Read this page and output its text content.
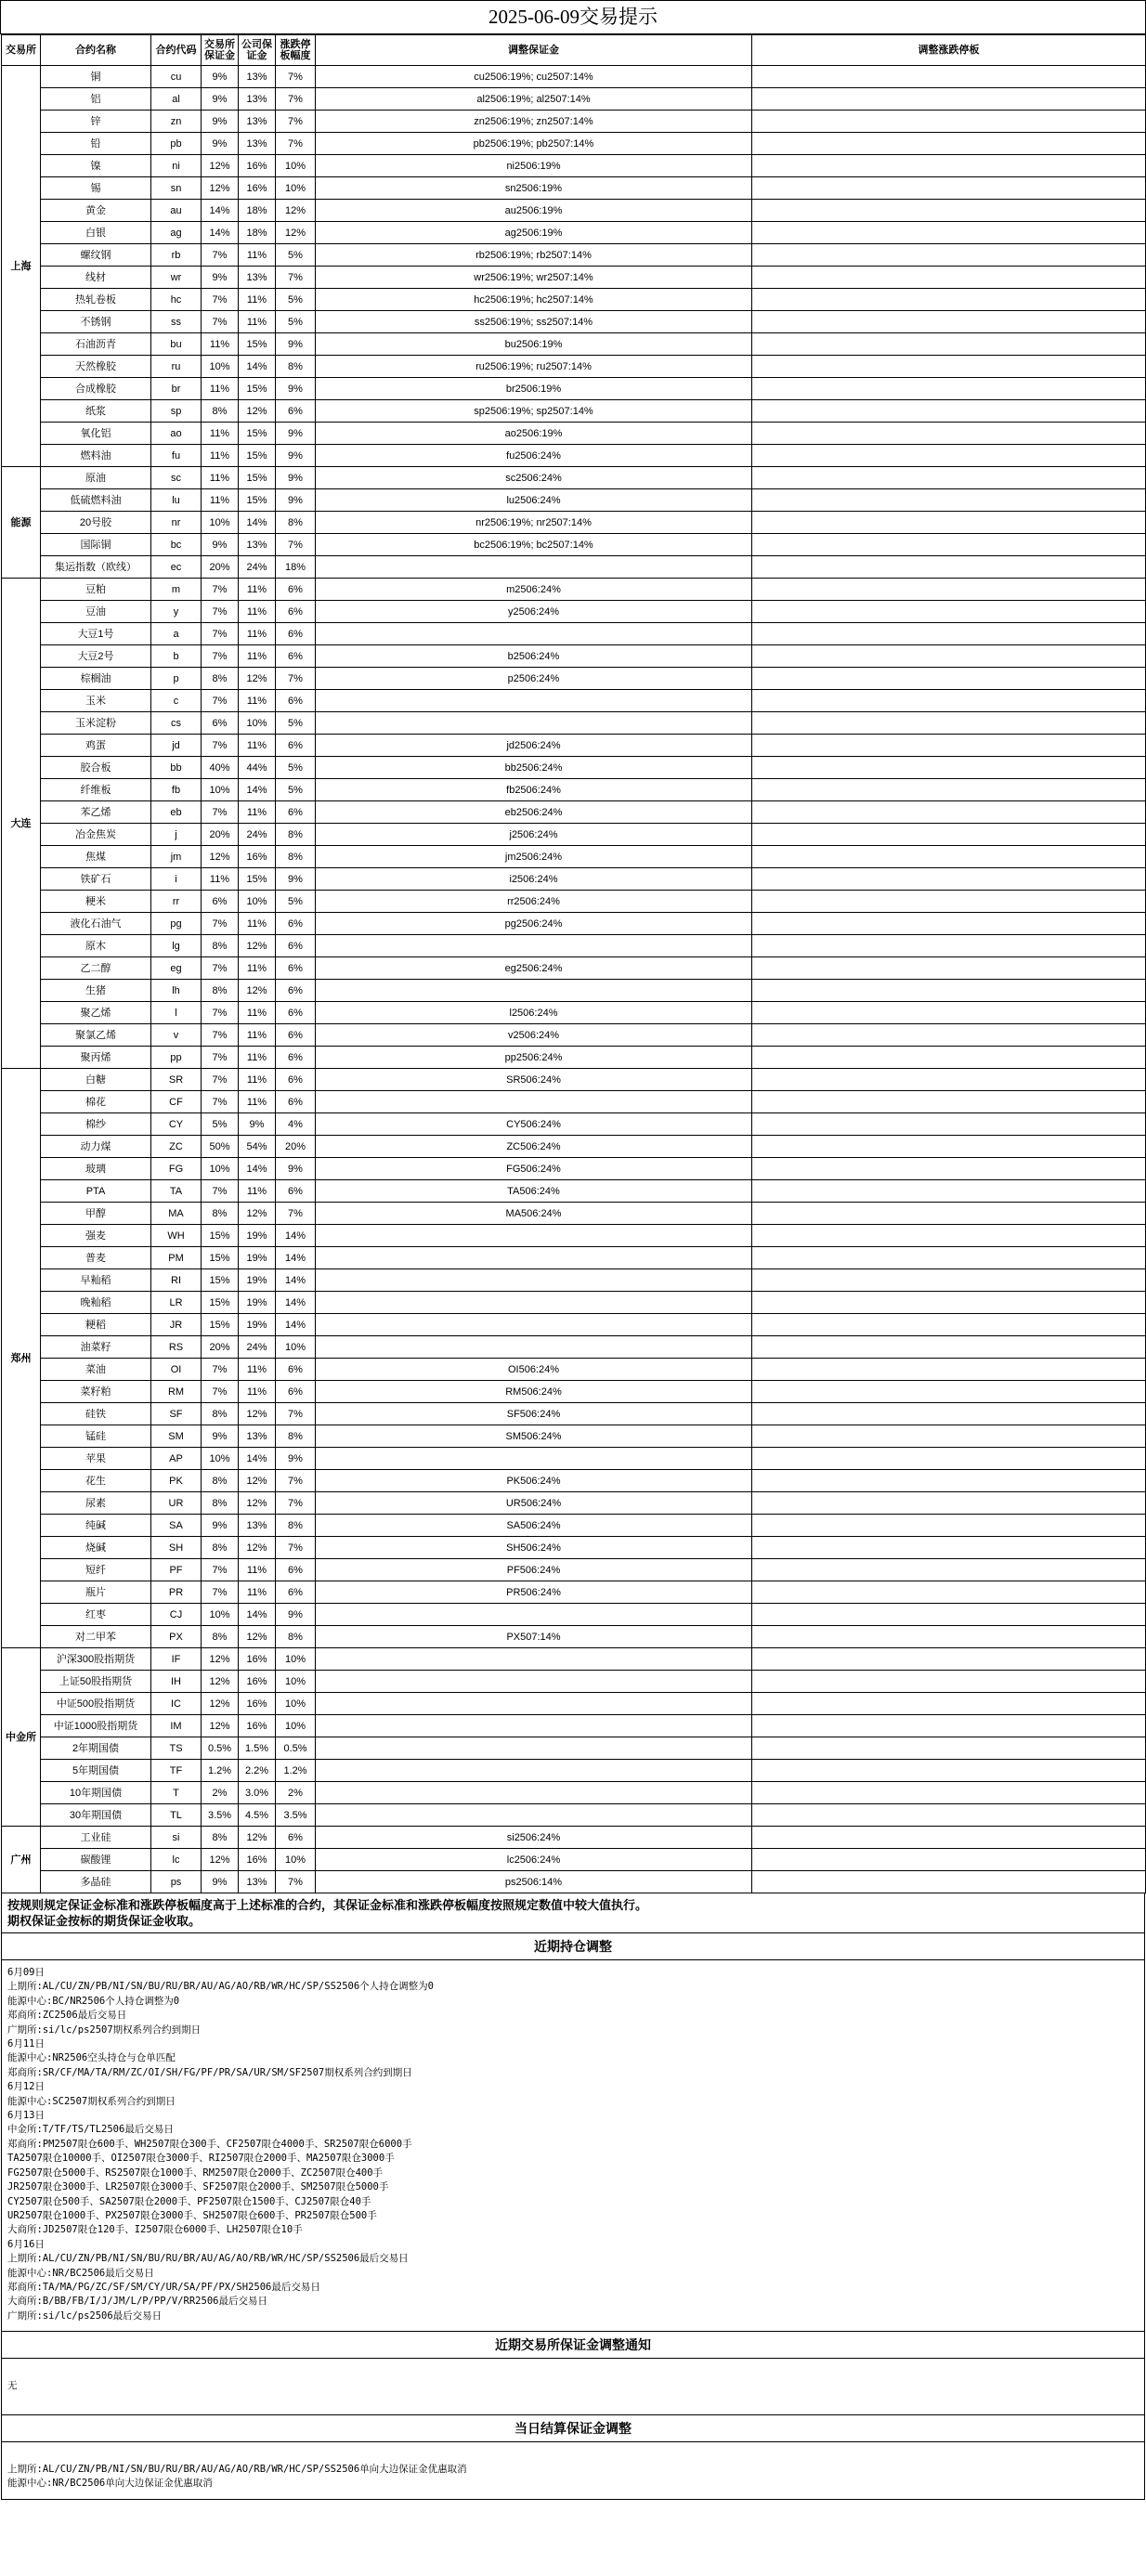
2025-06-09交易提示
交易所	合约名称	合约代码	交易所保证金	公司保证金	涨跌停板幅度	调整保证金	调整涨跌停板
上海	铜	cu	9%	13%	7%	cu2506:19%; cu2507:14%	
	铝	al	9%	13%	7%	al2506:19%; al2507:14%	
	锌	zn	9%	13%	7%	zn2506:19%; zn2507:14%	
	铅	pb	9%	13%	7%	pb2506:19%; pb2507:14%	
	镍	ni	12%	16%	10%	ni2506:19%	
	锡	sn	12%	16%	10%	sn2506:19%	
	黄金	au	14%	18%	12%	au2506:19%	
	白银	ag	14%	18%	12%	ag2506:19%	
	螺纹钢	rb	7%	11%	5%	rb2506:19%; rb2507:14%	
	线材	wr	9%	13%	7%	wr2506:19%; wr2507:14%	
	热轧卷板	hc	7%	11%	5%	hc2506:19%; hc2507:14%	
	不锈钢	ss	7%	11%	5%	ss2506:19%; ss2507:14%	
	石油沥青	bu	11%	15%	9%	bu2506:19%	
	天然橡胶	ru	10%	14%	8%	ru2506:19%; ru2507:14%	
	合成橡胶	br	11%	15%	9%	br2506:19%	
	纸浆	sp	8%	12%	6%	sp2506:19%; sp2507:14%	
	氧化铝	ao	11%	15%	9%	ao2506:19%	
	燃料油	fu	11%	15%	9%	fu2506:24%	
能源	原油	sc	11%	15%	9%	sc2506:24%	
	低硫燃料油	lu	11%	15%	9%	lu2506:24%	
	20号胶	nr	10%	14%	8%	nr2506:19%; nr2507:14%	
	国际铜	bc	9%	13%	7%	bc2506:19%; bc2507:14%	
	集运指数（欧线）	ec	20%	24%	18%		
大连	豆粕	m	7%	11%	6%	m2506:24%	
	豆油	y	7%	11%	6%	y2506:24%	
	大豆1号	a	7%	11%	6%		
	大豆2号	b	7%	11%	6%	b2506:24%	
	棕榈油	p	8%	12%	7%	p2506:24%	
	玉米	c	7%	11%	6%		
	玉米淀粉	cs	6%	10%	5%		
	鸡蛋	jd	7%	11%	6%	jd2506:24%	
	胶合板	bb	40%	44%	5%	bb2506:24%	
	纤维板	fb	10%	14%	5%	fb2506:24%	
	苯乙烯	eb	7%	11%	6%	eb2506:24%	
	冶金焦炭	j	20%	24%	8%	j2506:24%	
	焦煤	jm	12%	16%	8%	jm2506:24%	
	铁矿石	i	11%	15%	9%	i2506:24%	
	粳米	rr	6%	10%	5%	rr2506:24%	
	液化石油气	pg	7%	11%	6%	pg2506:24%	
	原木	lg	8%	12%	6%		
	乙二醇	eg	7%	11%	6%	eg2506:24%	
	生猪	lh	8%	12%	6%		
	聚乙烯	l	7%	11%	6%	l2506:24%	
	聚氯乙烯	v	7%	11%	6%	v2506:24%	
	聚丙烯	pp	7%	11%	6%	pp2506:24%	
郑州	白糖	SR	7%	11%	6%	SR506:24%	
	棉花	CF	7%	11%	6%		
	棉纱	CY	5%	9%	4%	CY506:24%	
	动力煤	ZC	50%	54%	20%	ZC506:24%	
	玻璃	FG	10%	14%	9%	FG506:24%	
	PTA	TA	7%	11%	6%	TA506:24%	
	甲醇	MA	8%	12%	7%	MA506:24%	
	强麦	WH	15%	19%	14%		
	普麦	PM	15%	19%	14%		
	早籼稻	RI	15%	19%	14%		
	晚籼稻	LR	15%	19%	14%		
	粳稻	JR	15%	19%	14%		
	油菜籽	RS	20%	24%	10%		
	菜油	OI	7%	11%	6%	OI506:24%	
	菜籽粕	RM	7%	11%	6%	RM506:24%	
	硅铁	SF	8%	12%	7%	SF506:24%	
	锰硅	SM	9%	13%	8%	SM506:24%	
	苹果	AP	10%	14%	9%		
	花生	PK	8%	12%	7%	PK506:24%	
	尿素	UR	8%	12%	7%	UR506:24%	
	纯碱	SA	9%	13%	8%	SA506:24%	
	烧碱	SH	8%	12%	7%	SH506:24%	
	短纤	PF	7%	11%	6%	PF506:24%	
	瓶片	PR	7%	11%	6%	PR506:24%	
	红枣	CJ	10%	14%	9%		
	对二甲苯	PX	8%	12%	8%	PX507:14%	
中金所	沪深300股指期货	IF	12%	16%	10%		
	上证50股指期货	IH	12%	16%	10%		
	中证500股指期货	IC	12%	16%	10%		
	中证1000股指期货	IM	12%	16%	10%		
	2年期国债	TS	0.5%	1.5%	0.5%		
	5年期国债	TF	1.2%	2.2%	1.2%		
	10年期国债	T	2%	3.0%	2%		
	30年期国债	TL	3.5%	4.5%	3.5%		
广州	工业硅	si	8%	12%	6%	si2506:24%	
	碳酸锂	lc	12%	16%	10%	lc2506:24%	
	多晶硅	ps	9%	13%	7%	ps2506:14%	
按规则规定保证金标准和涨跌停板幅度高于上述标准的合约，其保证金标准和涨跌停板幅度按照规定数值中较大值执行。
期权保证金按标的期货保证金收取。
近期持仓调整
6月09日
上期所:AL/CU/ZN/PB/NI/SN/BU/RU/BR/AU/AG/AO/RB/WR/HC/SP/SS2506个人持仓调整为0
能源中心:BC/NR2506个人持仓调整为0
郑商所:ZC2506最后交易日
广期所:si/lc/ps2507期权系列合约到期日
6月11日
能源中心:NR2506空头持仓与仓单匹配
郑商所:SR/CF/MA/TA/RM/ZC/OI/SH/FG/PF/PR/SA/UR/SM/SF2507期权系列合约到期日
6月12日
能源中心:SC2507期权系列合约到期日
6月13日
中金所:T/TF/TS/TL2506最后交易日
郑商所:PM2507限仓600手、WH2507限仓300手、CF2507限仓4000手、SR2507限仓6000手
TA2507限仓10000手、OI2507限仓3000手、RI2507限仓2000手、MA2507限仓3000手
FG2507限仓5000手、RS2507限仓1000手、RM2507限仓2000手、ZC2507限仓400手
JR2507限仓3000手、LR2507限仓3000手、SF2507限仓2000手、SM2507限仓5000手
CY2507限仓500手、SA2507限仓2000手、PF2507限仓1500手、CJ2507限仓40手
UR2507限仓1000手、PX2507限仓3000手、SH2507限仓600手、PR2507限仓500手
大商所:JD2507限仓120手、I2507限仓6000手、LH2507限仓10手
6月16日
上期所:AL/CU/ZN/PB/NI/SN/BU/RU/BR/AU/AG/AO/RB/WR/HC/SP/SS2506最后交易日
能源中心:NR/BC2506最后交易日
郑商所:TA/MA/PG/ZC/SF/SM/CY/UR/SA/PF/PX/SH2506最后交易日
大商所:B/BB/FB/I/J/JM/L/P/PP/V/RR2506最后交易日
广期所:si/lc/ps2506最后交易日
近期交易所保证金调整通知

无

当日结算保证金调整

上期所:AL/CU/ZN/PB/NI/SN/BU/RU/BR/AU/AG/AO/RB/WR/HC/SP/SS2506单向大边保证金优惠取消
能源中心:NR/BC2506单向大边保证金优惠取消
